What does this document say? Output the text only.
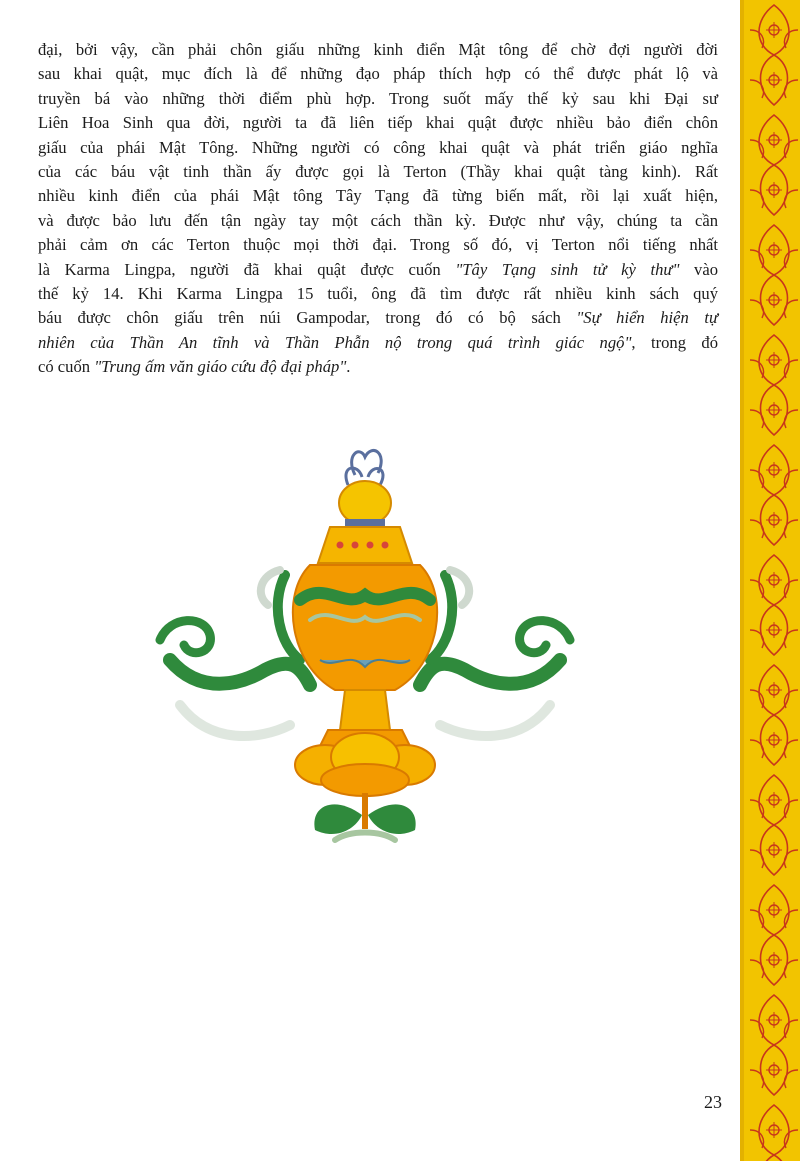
đại, bởi vậy, cần phải chôn giấu những kinh điển Mật tông để chờ đợi người đời
sau khai quật, mục đích là để những đạo pháp thích hợp có thể được phát lộ và
truyền bá vào những thời điểm phù hợp. Trong suốt mấy thế kỷ sau khi Đại sư
Liên Hoa Sinh qua đời, người ta đã liên tiếp khai quật được nhiều bảo điển chôn
giấu của phái Mật Tông. Những người có công khai quật và phát triển giáo nghĩa
của các báu vật tinh thần ấy được gọi là Terton (Thầy khai quật tàng kinh). Rất
nhiều kinh điển của phái Mật tông Tây Tạng đã từng biến mất, rồi lại xuất hiện,
và được bảo lưu đến tận ngày tay một cách thần kỳ. Được như vậy, chúng ta cần
phải cảm ơn các Terton thuộc mọi thời đại. Trong số đó, vị Terton nổi tiếng nhất
là Karma Lingpa, người đã khai quật được cuốn "Tây Tạng sinh tử kỳ thư" vào
thế kỷ 14. Khi Karma Lingpa 15 tuổi, ông đã tìm được rất nhiều kinh sách quý
báu được chôn giấu trên núi Gampodar, trong đó có bộ sách "Sự hiển hiện tự
nhiên của Thần An tĩnh và Thần Phẫn nộ trong quá trình giác ngộ", trong đó
có cuốn "Trung ấm văn giáo cứu độ đại pháp".
23
